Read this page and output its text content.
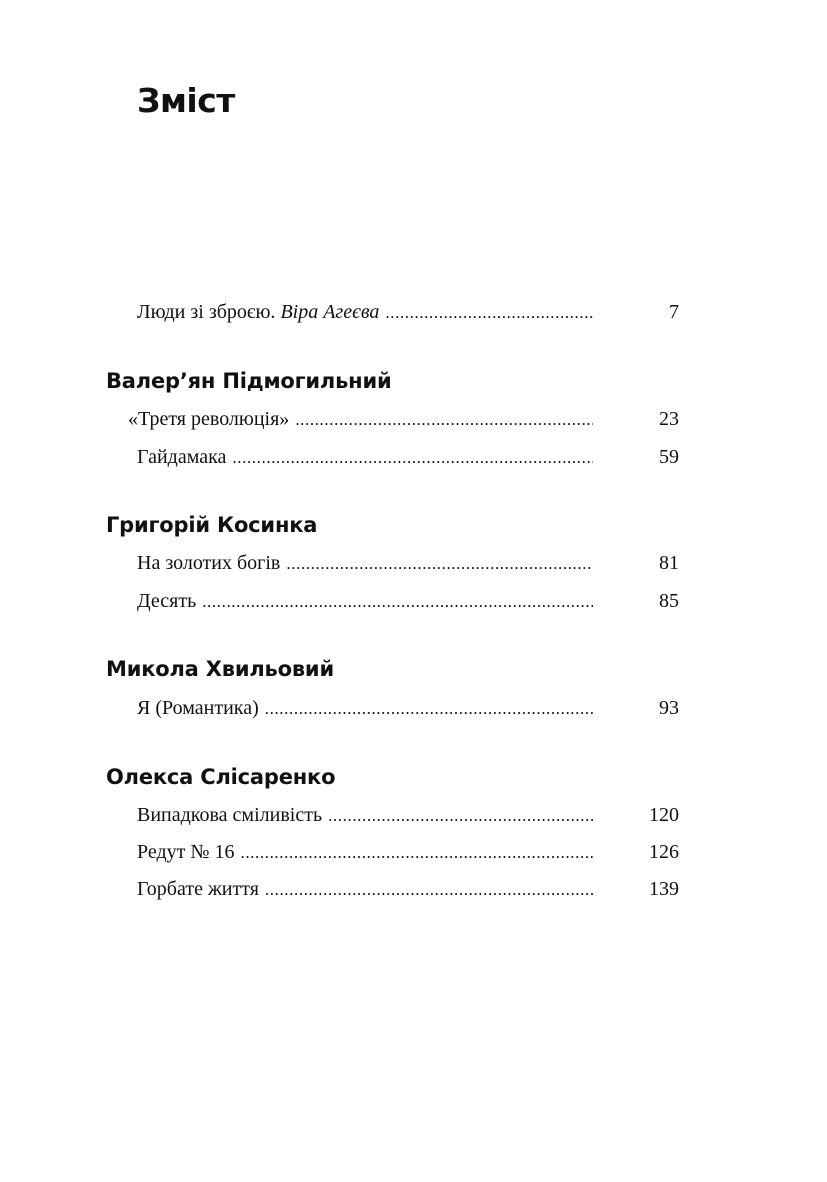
Зміст
Люди зі зброєю. Віра Агеєва .....	7
Валер’ян Підмогильний
«Третя революція» .....	23
Гайдамака .....	59
Григорій Косинка
На золотих богів .....	81
Десять .....	85
Микола Хвильовий
Я (Романтика) .....	93
Олекса Слісаренко
Випадкова сміливість .....	120
Редут № 16 .....	126
Горбате життя .....	139
